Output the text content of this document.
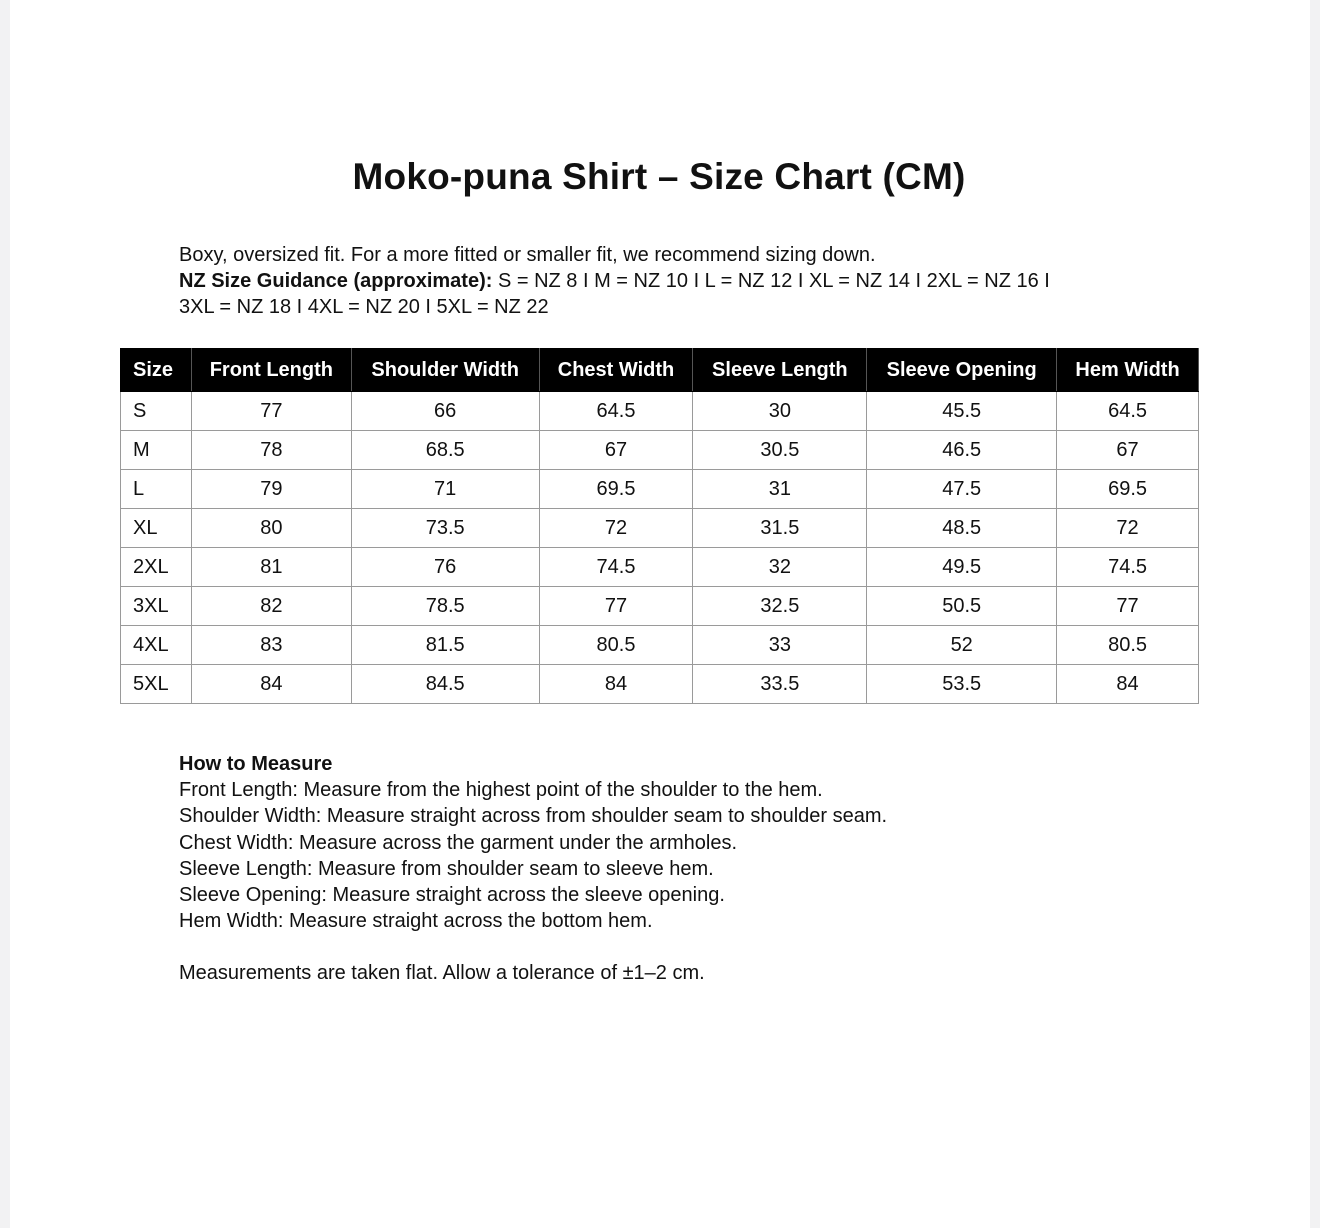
Moko-puna Shirt – Size Chart (CM)
Boxy, oversized fit. For a more fitted or smaller fit, we recommend sizing down.
NZ Size Guidance (approximate): S = NZ 8 I M = NZ 10 I L = NZ 12 I XL = NZ 14 I 2XL = NZ 16 I
3XL = NZ 18 I 4XL = NZ 20 I 5XL = NZ 22
Size	Front Length	Shoulder Width	Chest Width	Sleeve Length	Sleeve Opening	Hem Width
S	77	66	64.5	30	45.5	64.5
M	78	68.5	67	30.5	46.5	67
L	79	71	69.5	31	47.5	69.5
XL	80	73.5	72	31.5	48.5	72
2XL	81	76	74.5	32	49.5	74.5
3XL	82	78.5	77	32.5	50.5	77
4XL	83	81.5	80.5	33	52	80.5
5XL	84	84.5	84	33.5	53.5	84
How to Measure
Front Length: Measure from the highest point of the shoulder to the hem.
Shoulder Width: Measure straight across from shoulder seam to shoulder seam.
Chest Width: Measure across the garment under the armholes.
Sleeve Length: Measure from shoulder seam to sleeve hem.
Sleeve Opening: Measure straight across the sleeve opening.
Hem Width: Measure straight across the bottom hem.
Measurements are taken flat. Allow a tolerance of ±1–2 cm.
